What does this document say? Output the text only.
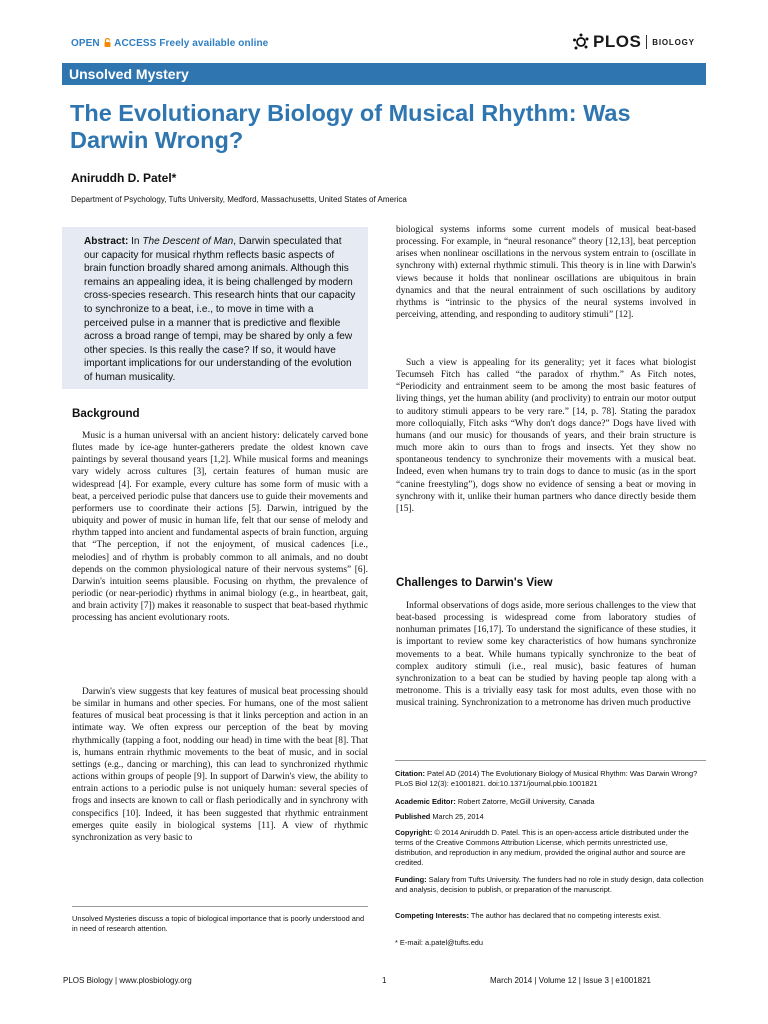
OPEN ACCESS Freely available online	PLOS $^{BIOLOGY}$
Unsolved Mystery
The Evolutionary Biology of Musical Rhythm: Was Darwin Wrong?
Aniruddh D. Patel*
Department of Psychology, Tufts University, Medford, Massachusetts, United States of America
Abstract: In The Descent of Man, Darwin speculated that our capacity for musical rhythm reflects basic aspects of brain function broadly shared among animals. Although this remains an appealing idea, it is being challenged by modern cross-species research. This research hints that our capacity to synchronize to a beat, i.e., to move in time with a perceived pulse in a manner that is predictive and flexible across a broad range of tempi, may be shared by only a few other species. Is this really the case? If so, it would have important implications for our understanding of the evolution of human musicality.
Background
Music is a human universal with an ancient history: delicately carved bone flutes made by ice-age hunter-gatherers predate the oldest known cave paintings by several thousand years [1,2]. While musical forms and meanings vary widely across cultures [3], certain features of human music are widespread [4]. For example, every culture has some form of music with a beat, a perceived periodic pulse that dancers use to guide their movements and performers use to coordinate their actions [5]. Darwin, intrigued by the ubiquity and power of music in human life, felt that our sense of melody and rhythm tapped into ancient and fundamental aspects of brain function, arguing that “The perception, if not the enjoyment, of musical cadences [i.e., melodies] and of rhythm is probably common to all animals, and no doubt depends on the common physiological nature of their nervous systems” [6]. Darwin's intuition seems plausible. Focusing on rhythm, the prevalence of periodic (or near-periodic) rhythms in animal biology (e.g., in heartbeat, gait, and brain activity [7]) makes it reasonable to suspect that beat-based rhythmic processing has ancient evolutionary roots.
Darwin's view suggests that key features of musical beat processing should be similar in humans and other species. For humans, one of the most salient features of musical beat processing is that it links perception and action in an intimate way. We often express our perception of the beat by moving rhythmically (tapping a foot, nodding our head) in time with the beat [8]. That is, humans entrain rhythmic movements to the beat of music, and in social settings (e.g., dancing or marching), this can lead to synchronized rhythmic actions within groups of people [9]. In support of Darwin's view, the ability to entrain actions to a periodic pulse is not uniquely human: several species of frogs and insects are known to call or flash periodically and in synchrony with conspecifics [10]. Indeed, it has been suggested that rhythmic entrainment emerges quite easily in biological systems [11]. A view of rhythmic synchronization as very basic to
Unsolved Mysteries discuss a topic of biological importance that is poorly understood and in need of research attention.
biological systems informs some current models of musical beat-based processing. For example, in “neural resonance” theory [12,13], beat perception arises when nonlinear oscillations in the nervous system entrain to (oscillate in synchrony with) external rhythmic stimuli. This theory is in line with Darwin's views because it holds that nonlinear oscillations are ubiquitous in brain dynamics and that the neural entrainment of such oscillations by auditory rhythms is “intrinsic to the physics of the neural systems involved in perceiving, attending, and responding to auditory stimuli” [12].
Such a view is appealing for its generality; yet it faces what biologist Tecumseh Fitch has called “the paradox of rhythm.” As Fitch notes, “Periodicity and entrainment seem to be among the most basic features of living things, yet the human ability (and proclivity) to entrain our motor output to auditory stimuli appears to be very rare.” [14, p. 78]. Stating the paradox more colloquially, Fitch asks “Why don't dogs dance?” Dogs have lived with humans (and our music) for thousands of years, and their brain structure is much more akin to ours than to frogs and insects. Yet they show no spontaneous tendency to synchronize their movements with a musical beat. Indeed, even when humans try to train dogs to dance to music (as in the sport “canine freestyling”), dogs show no evidence of sensing a beat or moving in synchrony with it, unlike their human partners who dance directly beside them [15].
Challenges to Darwin's View
Informal observations of dogs aside, more serious challenges to the view that beat-based processing is widespread come from laboratory studies of nonhuman primates [16,17]. To understand the significance of these studies, it is important to review some key characteristics of how humans synchronize movements to a beat. While humans typically synchronize to the beat of complex auditory stimuli (i.e., real music), basic features of human synchronization to a beat can be studied by having people tap along with a metronome. This is a trivially easy task for most adults, even those with no musical training. Synchronization to a metronome has driven much productive
Citation: Patel AD (2014) The Evolutionary Biology of Musical Rhythm: Was Darwin Wrong? PLoS Biol 12(3): e1001821. doi:10.1371/journal.pbio.1001821
Academic Editor: Robert Zatorre, McGill University, Canada
Published March 25, 2014
Copyright: © 2014 Aniruddh D. Patel. This is an open-access article distributed under the terms of the Creative Commons Attribution License, which permits unrestricted use, distribution, and reproduction in any medium, provided the original author and source are credited.
Funding: Salary from Tufts University. The funders had no role in study design, data collection and analysis, decision to publish, or preparation of the manuscript.
Competing Interests: The author has declared that no competing interests exist.
* E-mail: a.patel@tufts.edu
PLOS Biology | www.plosbiology.org	1	March 2014 | Volume 12 | Issue 3 | e1001821
